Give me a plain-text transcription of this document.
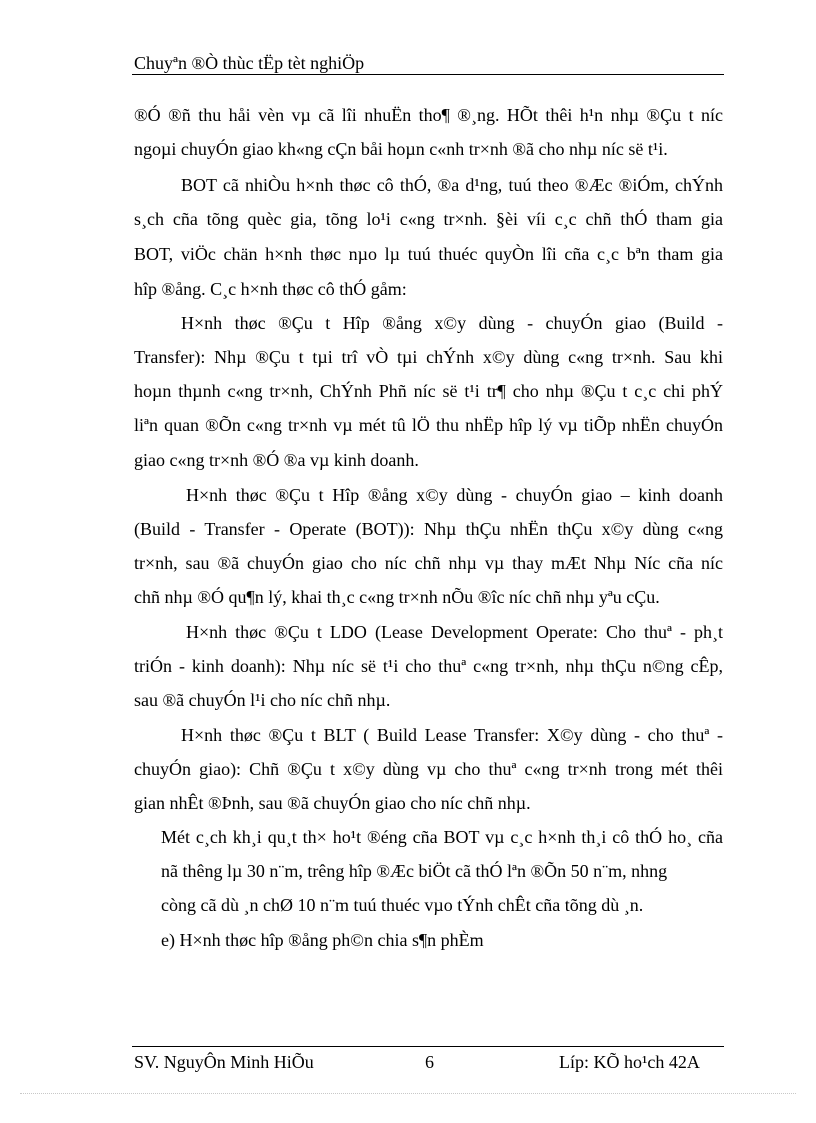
Chuyªn ®Ò thùc tËp tèt nghiÖp
®Ó ®ñ thu håi vèn vµ cã lîi nhuËn tho¶ ®¸ng. HÕt thêi h¹n nhµ ®Çu t níc
ngoµi chuyÓn giao kh«ng cÇn båi hoµn c«nh tr×nh ®ã cho nhµ níc së t¹i.
BOT cã nhiÒu h×nh thøc cô thÓ, ®a d¹ng, tuú theo ®Æc ®iÓm, chÝnh
s¸ch cña tõng quèc gia, tõng lo¹i c«ng tr×nh. §èi víi c¸c chñ thÓ tham gia
BOT, viÖc chän h×nh thøc nµo lµ tuú thuéc quyÒn lîi cña c¸c bªn tham gia
hîp ®ång. C¸c h×nh thøc cô thÓ gåm:
H×nh thøc ®Çu t Hîp ®ång x©y dùng - chuyÓn giao (Build -
Transfer): Nhµ ®Çu t tµi trî vÒ tµi chÝnh x©y dùng c«ng tr×nh. Sau khi
hoµn thµnh c«ng tr×nh, ChÝnh Phñ níc së t¹i tr¶ cho nhµ ®Çu t c¸c chi phÝ
liªn quan ®Õn c«ng tr×nh vµ mét tû lÖ thu nhËp hîp lý vµ tiÕp nhËn chuyÓn
giao c«ng tr×nh ®Ó ®a vµ kinh doanh.
H×nh thøc ®Çu t Hîp ®ång x©y dùng - chuyÓn giao – kinh doanh
(Build - Transfer - Operate (BOT)): Nhµ thÇu nhËn thÇu x©y dùng c«ng
tr×nh, sau ®ã chuyÓn giao cho níc chñ nhµ vµ thay mÆt Nhµ Níc cña níc
chñ nhµ ®Ó qu¶n lý, khai th¸c c«ng tr×nh nÕu ®îc níc chñ nhµ yªu cÇu.
H×nh thøc ®Çu t LDO (Lease Development Operate: Cho thuª - ph¸t
triÓn - kinh doanh): Nhµ níc së t¹i cho thuª c«ng tr×nh, nhµ thÇu n©ng cÊp,
sau ®ã chuyÓn l¹i cho níc chñ nhµ.
H×nh thøc ®Çu t BLT ( Build Lease Transfer: X©y dùng - cho thuª -
chuyÓn giao): Chñ ®Çu t x©y dùng vµ cho thuª c«ng tr×nh trong mét thêi
gian nhÊt ®Þnh, sau ®ã chuyÓn giao cho níc chñ nhµ.
Mét c¸ch kh¸i qu¸t th× ho¹t ®éng cña BOT vµ c¸c h×nh th¸i cô thÓ ho¸ cña
nã thêng lµ 30 n¨m, trêng hîp ®Æc biÖt cã thÓ lªn ®Õn 50 n¨m, nhng
còng cã dù ¸n chØ 10 n¨m tuú thuéc vµo tÝnh chÊt cña tõng dù ¸n.
e) H×nh thøc hîp ®ång ph©n chia s¶n phÈm
SV. NguyÔn Minh HiÕu	6	Líp: KÕ ho¹ch 42A
